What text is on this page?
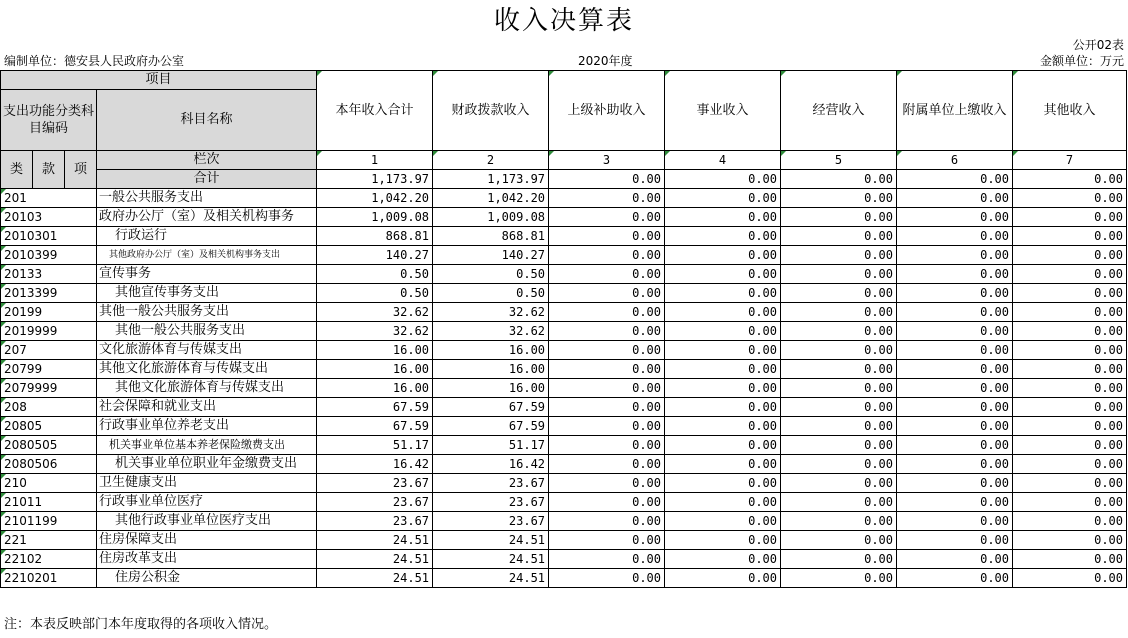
收入决算表
公开02表
编制单位：德安县人民政府办公室	2020年度	金额单位：万元
项目				本年收入合计	财政拨款收入	上级补助收入	事业收入	经营收入	附属单位上缴收入	其他收入
支出功能分类科目编码			科目名称							
类	款	项	栏次	1	2	3	4	5	6	7
			合计	1,173.97	1,173.97	0.00	0.00	0.00	0.00	0.00
201			一般公共服务支出	1,042.20	1,042.20	0.00	0.00	0.00	0.00	0.00
20103			政府办公厅（室）及相关机构事务	1,009.08	1,009.08	0.00	0.00	0.00	0.00	0.00
2010301			行政运行	868.81	868.81	0.00	0.00	0.00	0.00	0.00
2010399			其他政府办公厅（室）及相关机构事务支出	140.27	140.27	0.00	0.00	0.00	0.00	0.00
20133			宣传事务	0.50	0.50	0.00	0.00	0.00	0.00	0.00
2013399			其他宣传事务支出	0.50	0.50	0.00	0.00	0.00	0.00	0.00
20199			其他一般公共服务支出	32.62	32.62	0.00	0.00	0.00	0.00	0.00
2019999			其他一般公共服务支出	32.62	32.62	0.00	0.00	0.00	0.00	0.00
207			文化旅游体育与传媒支出	16.00	16.00	0.00	0.00	0.00	0.00	0.00
20799			其他文化旅游体育与传媒支出	16.00	16.00	0.00	0.00	0.00	0.00	0.00
2079999			其他文化旅游体育与传媒支出	16.00	16.00	0.00	0.00	0.00	0.00	0.00
208			社会保障和就业支出	67.59	67.59	0.00	0.00	0.00	0.00	0.00
20805			行政事业单位养老支出	67.59	67.59	0.00	0.00	0.00	0.00	0.00
2080505			机关事业单位基本养老保险缴费支出	51.17	51.17	0.00	0.00	0.00	0.00	0.00
2080506			机关事业单位职业年金缴费支出	16.42	16.42	0.00	0.00	0.00	0.00	0.00
210			卫生健康支出	23.67	23.67	0.00	0.00	0.00	0.00	0.00
21011			行政事业单位医疗	23.67	23.67	0.00	0.00	0.00	0.00	0.00
2101199			其他行政事业单位医疗支出	23.67	23.67	0.00	0.00	0.00	0.00	0.00
221			住房保障支出	24.51	24.51	0.00	0.00	0.00	0.00	0.00
22102			住房改革支出	24.51	24.51	0.00	0.00	0.00	0.00	0.00
2210201			住房公积金	24.51	24.51	0.00	0.00	0.00	0.00	0.00
注：本表反映部门本年度取得的各项收入情况。
